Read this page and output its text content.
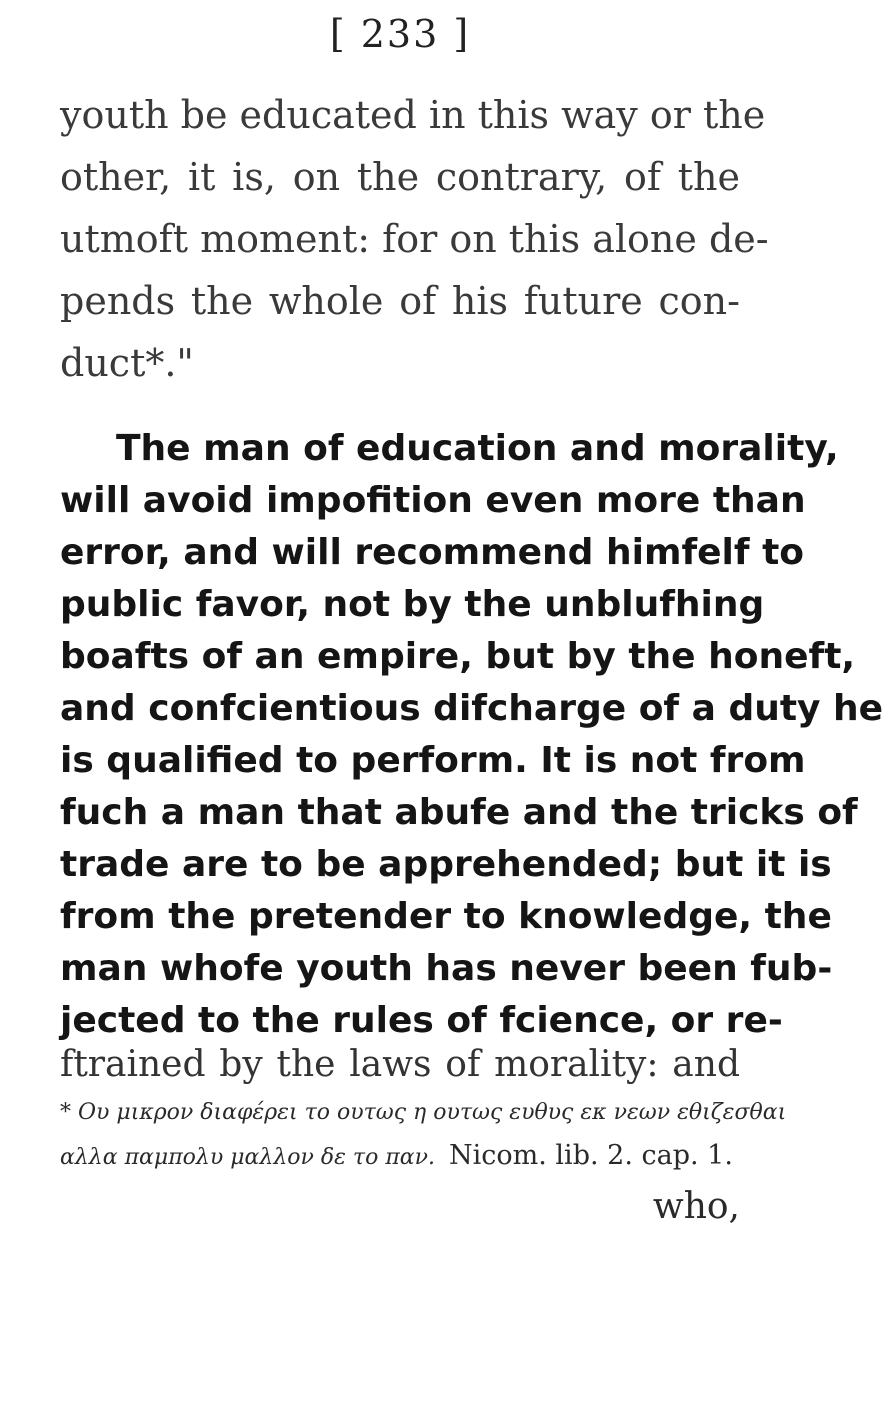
[ 233 ]
youth be educated in this way or the
other, it is, on the contrary, of the
utmoft moment: for on this alone de-
pends the whole of his future con-
duct*."
The man of education and morality,
will avoid impofition even more than
error, and will recommend himfelf to
public favor, not by the unblufhing
boafts of an empire, but by the honeft,
and confcientious difcharge of a duty he
is qualified to perform. It is not from
fuch a man that abufe and the tricks of
trade are to be apprehended; but it is
from the pretender to knowledge, the
man whofe youth has never been fub-
jected to the rules of fcience, or re-
ftrained by the laws of morality: and
* Ου μικρον διαφέρει το ουτως η ουτως ευθυς εκ νεων εθιζεσθαι
αλλα παμπολυ μαλλον δε το παν. Nicom. lib. 2. cap. 1.
who,
